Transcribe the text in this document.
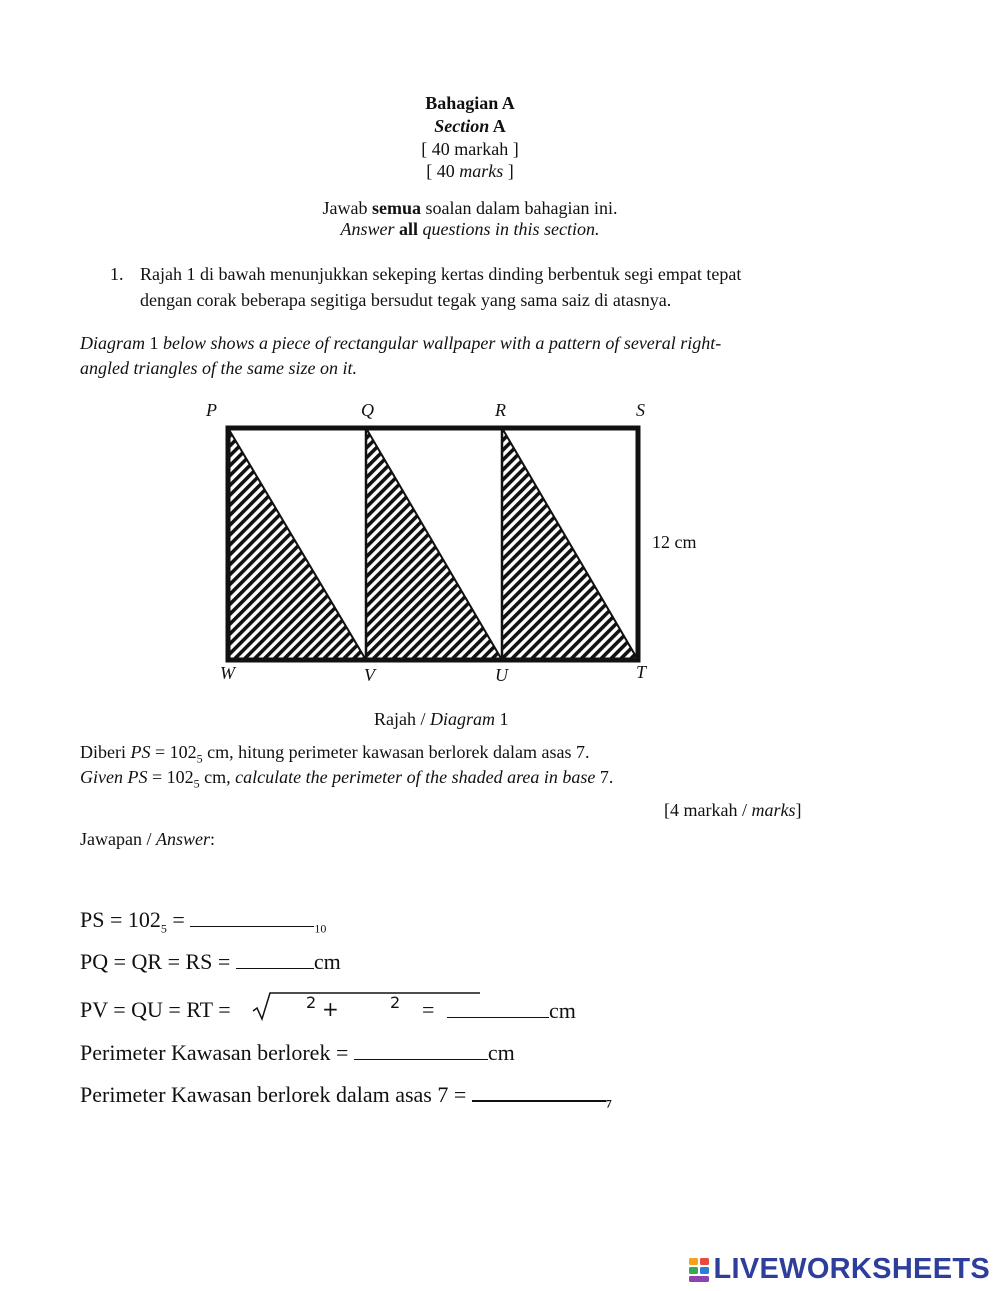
Bahagian A
Section A
[ 40 markah ]
[ 40 marks ]
Jawab semua soalan dalam bahagian ini.
Answer all questions in this section.
1. Rajah 1 di bawah menunjukkan sekeping kertas dinding berbentuk segi empat tepat
dengan corak beberapa segitiga bersudut tegak yang sama saiz di atasnya.
Diagram 1 below shows a piece of rectangular wallpaper with a pattern of several right-
angled triangles of the same size on it.
P	Q	R	S
W	V	U	T
12 cm
Rajah / Diagram 1
Diberi PS = $102_5$ cm, hitung perimeter kawasan berlorek dalam asas 7.
Given PS = $102_5$ cm, calculate the perimeter of the shaded area in base 7.
[4 markah / marks]
Jawapan / Answer:
PS = $102_5$ =	$_{10}$
PQ = QR = RS =	cm
PV = QU = RT =	2 +	2 =	cm
Perimeter Kawasan berlorek =	cm
Perimeter Kawasan berlorek dalam asas 7 =	$_7$
LIVEWORKSHEETS
